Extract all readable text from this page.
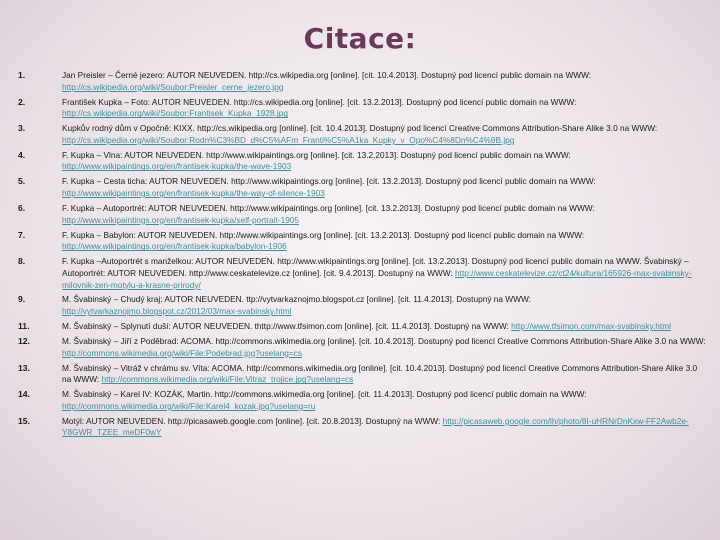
Citace:
1.	Jan Preisler – Černé jezero: AUTOR NEUVEDEN. http://cs.wikipedia.org [online]. [cit. 10.4.2013]. Dostupný pod licencí public domain na WWW: http://cs.wikipedia.org/wiki/Soubor:Preisler_cerne_jezero.jpg
2.	František Kupka – Foto: AUTOR NEUVEDEN. http://cs.wikipedia.org [online]. [cit. 13.2.2013]. Dostupný pod licencí public domain na WWW: http://cs.wikipedia.org/wiki/Soubor:Frantisek_Kupka_1928.jpg
3.	Kupkův rodný dům v Opočně: KIXX. http://cs.wikipedia.org [online]. [cit. 10.4.2013]. Dostupný pod licencí Creative Commons Attribution-Share Alike 3.0 na WWW: http://cs.wikipedia.org/wiki/Soubor:Rodn%C3%BD_d%C5%AFm_Franti%C5%A1ka_Kupky_v_Opo%C4%8Dn%C4%9B.jpg
4.	F. Kupka – Vlna: AUTOR NEUVEDEN. http://www.wikipaintings.org [online]. [cit. 13.2.2013]. Dostupný pod licencí public domain na WWW: http://www.wikipaintings.org/en/frantisek-kupka/the-wave-1903
5.	F. Kupka – Cesta ticha: AUTOR NEUVEDEN. http://www.wikipaintings.org [online]. [cit. 13.2.2013]. Dostupný pod licencí public domain na WWW: http://www.wikipaintings.org/en/frantisek-kupka/the-way-of-silence-1903
6.	F. Kupka – Autoportrét: AUTOR NEUVEDEN. http://www.wikipaintings.org [online]. [cit. 13.2.2013]. Dostupný pod licencí public domain na WWW: http://www.wikipaintings.org/en/frantisek-kupka/self-portrait-1905
7.	F. Kupka – Babylon: AUTOR NEUVEDEN. http://www.wikipaintings.org [online]. [cit. 13.2.2013]. Dostupný pod licencí public domain na WWW: http://www.wikipaintings.org/en/frantisek-kupka/babylon-1906
8.	F. Kupka –Autoportrét s manželkou: AUTOR NEUVEDEN. http://www.wikipaintings.org [online]. [cit. 13.2.2013]. Dostupný pod licencí public domain na WWW. Švabinský – Autoportrét: AUTOR NEUVEDEN. http://www.ceskatelevize.cz [online]. [cit. 9.4.2013]. Dostupný na WWW: http://www.ceskatelevize.cz/ct24/kultura/165926-max-svabinsky-milovnik-zen-motylu-a-krasne-prirody/
9.	M. Švabinský – Chudý kraj: AUTOR NEUVEDEN. ttp://vytvarkaznojmo.blogspot.cz [online]. [cit. 11.4.2013]. Dostupný na WWW: http://vytvarkaznojmo.blogspot.cz/2012/03/max-svabinsky.html
11.	M. Švabinský – Splynutí duší: AUTOR NEUVEDEN. thttp://www.tfsimon.com [online]. [cit. 11.4.2013]. Dostupný na WWW: http://www.tfsimon.com/max-svabinsky.html
12.	M. Švabinský – Jiří z Poděbrad: ACOMA. http://commons.wikimedia.org [online]. [cit. 10.4.2013]. Dostupný pod licencí Creative Commons Attribution-Share Alike 3.0 na WWW: http://commons.wikimedia.org/wiki/File:Podebrad.jpg?uselang=cs
13.	M. Švabinský – Vitráž v chrámu sv. Víta: ACOMA. http://commons.wikimedia.org [online]. [cit. 10.4.2013]. Dostupný pod licencí Creative Commons Attribution-Share Alike 3.0 na WWW: http://commons.wikimedia.org/wiki/File:Vitraz_trojice.jpg?uselang=cs
14.	M. Švabinský – Karel IV: KOZÁK, Martin. http://commons.wikimedia.org [online]. [cit. 11.4.2013]. Dostupný pod licencí public domain na WWW: http://commons.wikimedia.org/wiki/File:Karel4_kozak.jpg?uselang=ru
15.	Motýl: AUTOR NEUVEDEN. http://picasaweb.google.com [online]. [cit. 20.8.2013]. Dostupný na WWW: http://picasaweb.google.com/lh/photo/8I-uHRNrDnKxw-FF2Awb2e-Y8GWR_TZEE_meDF0wY
